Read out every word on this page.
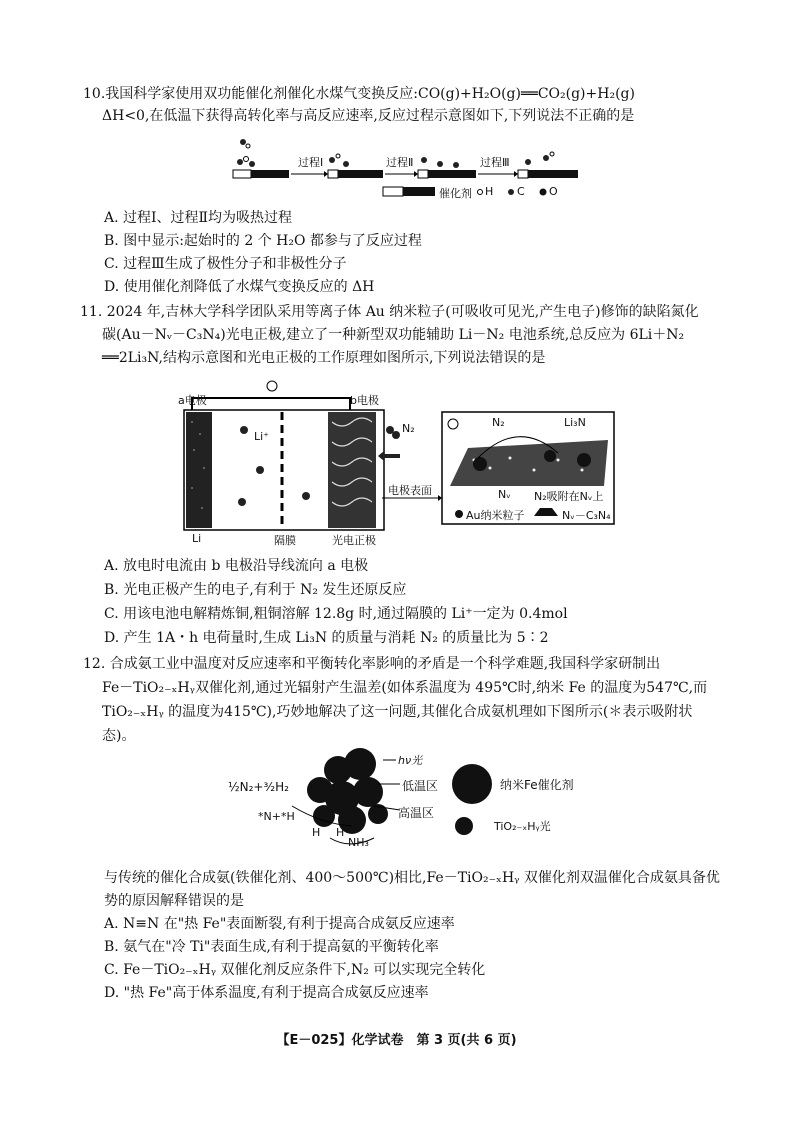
10.我国科学家使用双功能催化剂催化水煤气变换反应:CO(g)+H₂O(g)══CO₂(g)+H₂(g)
ΔH<0,在低温下获得高转化率与高反应速率,反应过程示意图如下,下列说法不正确的是
过程Ⅰ	过程Ⅱ	过程Ⅲ
催化剂 H C O
A. 过程Ⅰ、过程Ⅱ均为吸热过程
B. 图中显示:起始时的 2 个 H₂O 都参与了反应过程
C. 过程Ⅲ生成了极性分子和非极性分子
D. 使用催化剂降低了水煤气变换反应的 ΔH
11. 2024 年,吉林大学科学团队采用等离子体 Au 纳米粒子(可吸收可见光,产生电子)修饰的缺陷氮化
碳(Au－Nᵥ－C₃N₄)光电正极,建立了一种新型双功能辅助 Li－N₂ 电池系统,总反应为 6Li＋N₂
══2Li₃N,结构示意图和光电正极的工作原理如图所示,下列说法错误的是
a电极	b电极
Li⁺
N₂
Li	隔膜	光电正极
电极表面
N₂	Li₃N
Nᵥ N₂吸附在Nᵥ上
Au纳米粒子	Nᵥ－C₃N₄
A. 放电时电流由 b 电极沿导线流向 a 电极
B. 光电正极产生的电子,有利于 N₂ 发生还原反应
C. 用该电池电解精炼铜,粗铜溶解 12.8g 时,通过隔膜的 Li⁺一定为 0.4mol
D. 产生 1A・h 电荷量时,生成 Li₃N 的质量与消耗 N₂ 的质量比为 5∶2
12. 合成氨工业中温度对反应速率和平衡转化率影响的矛盾是一个科学难题,我国科学家研制出
Fe－TiO₂₋ₓHᵧ双催化剂,通过光辐射产生温差(如体系温度为 495℃时,纳米 Fe 的温度为547℃,而
TiO₂₋ₓHᵧ 的温度为415℃),巧妙地解决了这一问题,其催化合成氨机理如下图所示(＊表示吸附状
态)。
½N₂+³⁄₂H₂
hν光
低温区
高温区
*N+*H
H H
NH₃
纳米Fe催化剂
TiO₂₋ₓHᵧ光
与传统的催化合成氨(铁催化剂、400～500℃)相比,Fe－TiO₂₋ₓHᵧ 双催化剂双温催化合成氨具备优
势的原因解释错误的是
A. N≡N 在"热 Fe"表面断裂,有利于提高合成氨反应速率
B. 氨气在"冷 Ti"表面生成,有利于提高氨的平衡转化率
C. Fe－TiO₂₋ₓHᵧ 双催化剂反应条件下,N₂ 可以实现完全转化
D. "热 Fe"高于体系温度,有利于提高合成氨反应速率
【E－025】化学试卷　第 3 页(共 6 页)
